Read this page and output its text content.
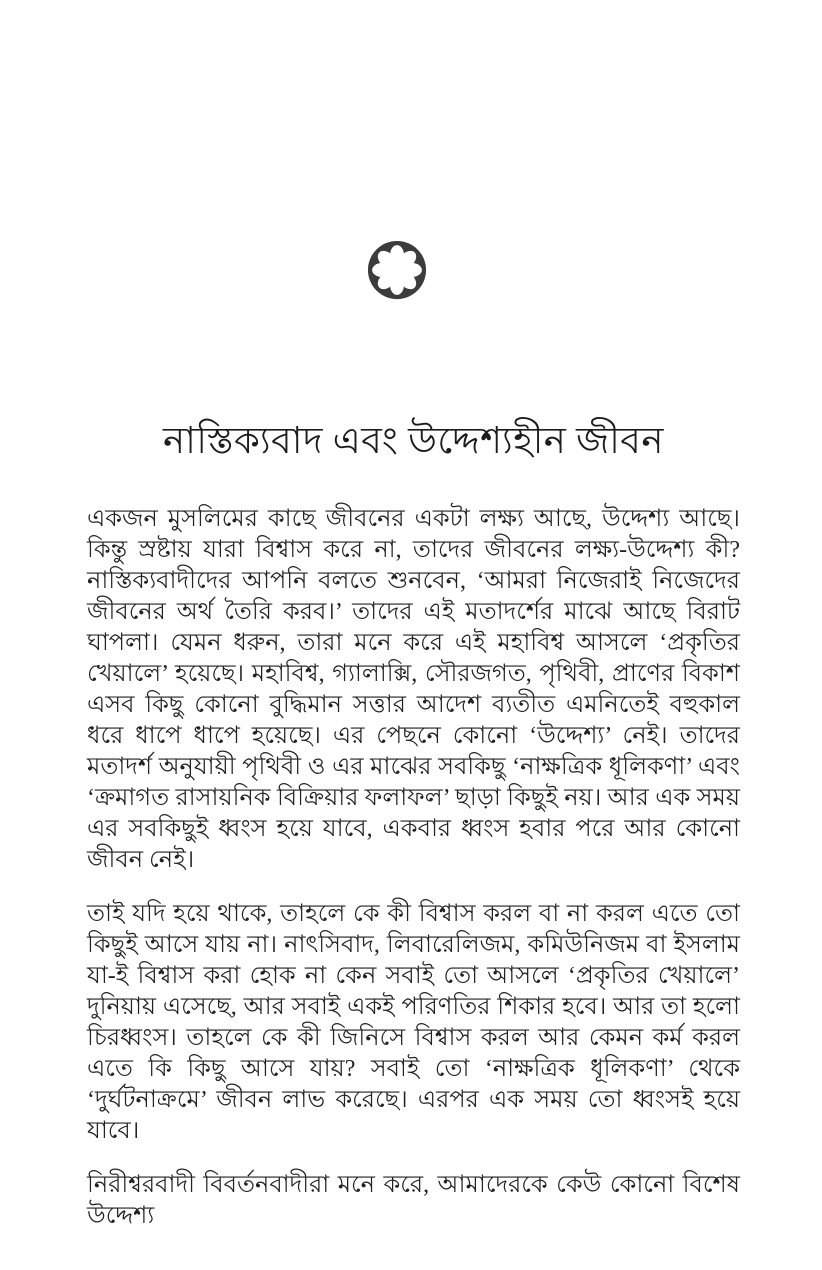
নাস্তিক্যবাদ এবং উদ্দেশ্যহীন জীবন

একজন মুসলিমের কাছে জীবনের একটা লক্ষ্য আছে, উদ্দেশ্য আছে। কিন্তু স্রষ্টায় যারা বিশ্বাস করে না, তাদের জীবনের লক্ষ্য-উদ্দেশ্য কী? নাস্তিক্যবাদীদের আপনি বলতে শুনবেন, ‘আমরা নিজেরাই নিজেদের জীবনের অর্থ তৈরি করব।’ তাদের এই মতাদর্শের মাঝে আছে বিরাট ঘাপলা। যেমন ধরুন, তারা মনে করে এই মহাবিশ্ব আসলে ‘প্রকৃতির খেয়ালে’ হয়েছে। মহাবিশ্ব, গ্যালাক্সি, সৌরজগত, পৃথিবী, প্রাণের বিকাশ এসব কিছু কোনো বুদ্ধিমান সত্তার আদেশ ব্যতীত এমনিতেই বহুকাল ধরে ধাপে ধাপে হয়েছে। এর পেছনে কোনো ‘উদ্দেশ্য’ নেই। তাদের মতাদর্শ অনুযায়ী পৃথিবী ও এর মাঝের সবকিছু ‘নাক্ষত্রিক ধূলিকণা’ এবং ‘ক্রমাগত রাসায়নিক বিক্রিয়ার ফলাফল’ ছাড়া কিছুই নয়। আর এক সময় এর সবকিছুই ধ্বংস হয়ে যাবে, একবার ধ্বংস হবার পরে আর কোনো জীবন নেই।

তাই যদি হয়ে থাকে, তাহলে কে কী বিশ্বাস করল বা না করল এতে তো কিছুই আসে যায় না। নাৎসিবাদ, লিবারেলিজম, কমিউনিজম বা ইসলাম যা-ই বিশ্বাস করা হোক না কেন সবাই তো আসলে ‘প্রকৃতির খেয়ালে’ দুনিয়ায় এসেছে, আর সবাই একই পরিণতির শিকার হবে। আর তা হলো চিরধ্বংস। তাহলে কে কী জিনিসে বিশ্বাস করল আর কেমন কর্ম করল এতে কি কিছু আসে যায়? সবাই তো ‘নাক্ষত্রিক ধূলিকণা’ থেকে ‘দুর্ঘটনাক্রমে’ জীবন লাভ করেছে। এরপর এক সময় তো ধ্বংসই হয়ে যাবে।

নিরীশ্বরবাদী বিবর্তনবাদীরা মনে করে, আমাদেরকে কেউ কোনো বিশেষ উদ্দেশ্য
